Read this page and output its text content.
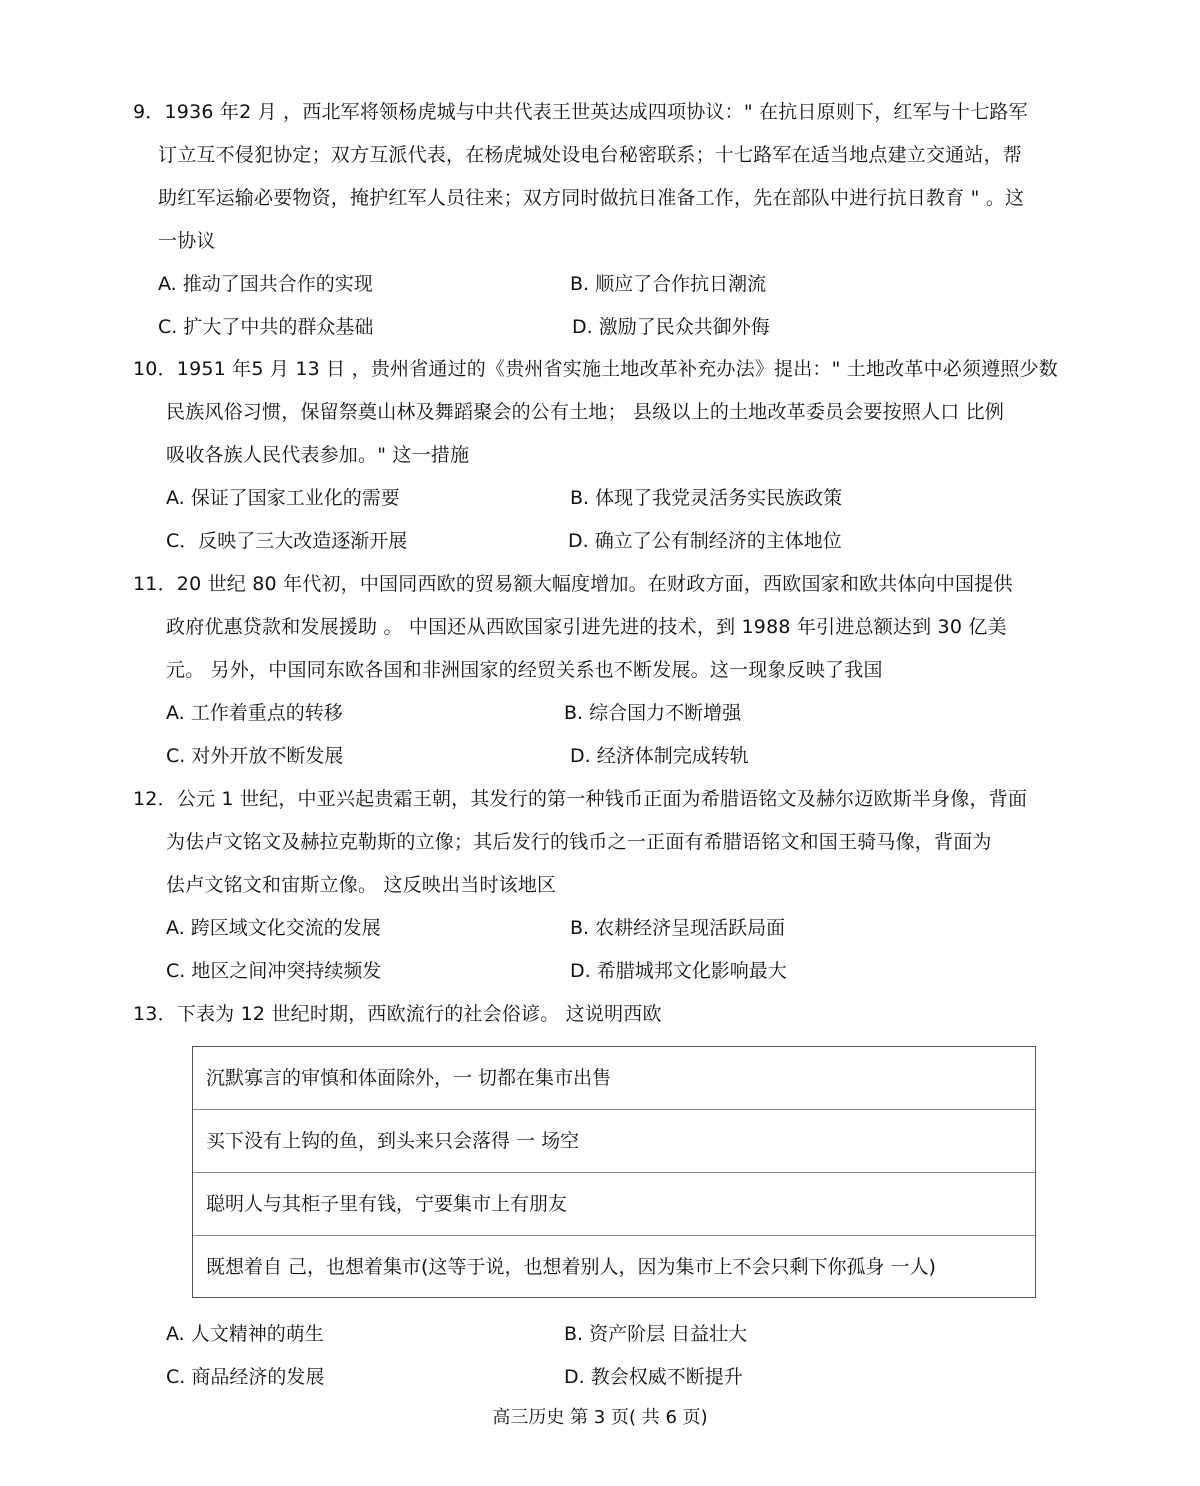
9．1936 年2 月 ，西北军将领杨虎城与中共代表王世英达成四项协议：" 在抗日原则下，红军与十七路军
订立互不侵犯协定；双方互派代表，在杨虎城处设电台秘密联系；十七路军在适当地点建立交通站，帮
助红军运输必要物资，掩护红军人员往来；双方同时做抗日准备工作，先在部队中进行抗日教育 " 。这
一协议
A. 推动了国共合作的实现	B. 顺应了合作抗日潮流
C. 扩大了中共的群众基础	D. 激励了民众共御外侮
10．1951 年5 月 13 日 ，贵州省通过的《贵州省实施土地改革补充办法》提出：" 土地改革中必须遵照少数
民族风俗习惯，保留祭奠山林及舞蹈聚会的公有土地； 县级以上的土地改革委员会要按照人口 比例
吸收各族人民代表参加。" 这一措施
A. 保证了国家工业化的需要	B. 体现了我党灵活务实民族政策
C．反映了三大改造逐渐开展	D. 确立了公有制经济的主体地位
11．20 世纪 80 年代初，中国同西欧的贸易额大幅度增加。在财政方面，西欧国家和欧共体向中国提供
政府优惠贷款和发展援助 。 中国还从西欧国家引进先进的技术，到 1988 年引进总额达到 30 亿美
元。 另外，中国同东欧各国和非洲国家的经贸关系也不断发展。这一现象反映了我国
A. 工作着重点的转移	B. 综合国力不断增强
C. 对外开放不断发展	D. 经济体制完成转轨
12．公元 1 世纪，中亚兴起贵霜王朝，其发行的第一种钱币正面为希腊语铭文及赫尔迈欧斯半身像，背面
为佉卢文铭文及赫拉克勒斯的立像；其后发行的钱币之一正面有希腊语铭文和国王骑马像，背面为
佉卢文铭文和宙斯立像。 这反映出当时该地区
A. 跨区域文化交流的发展	B. 农耕经济呈现活跃局面
C. 地区之间冲突持续频发	D. 希腊城邦文化影响最大
13．下表为 12 世纪时期，西欧流行的社会俗谚。 这说明西欧
沉默寡言的审慎和体面除外，一 切都在集市出售
买下没有上钩的鱼，到头来只会落得 一 场空
聪明人与其柜子里有钱，宁要集市上有朋友
既想着自 己，也想着集市(这等于说，也想着别人，因为集市上不会只剩下你孤身 一人)
A. 人文精神的萌生	B. 资产阶层 日益壮大
C. 商品经济的发展	D. 教会权威不断提升
高三历史 第 3 页( 共 6 页)
